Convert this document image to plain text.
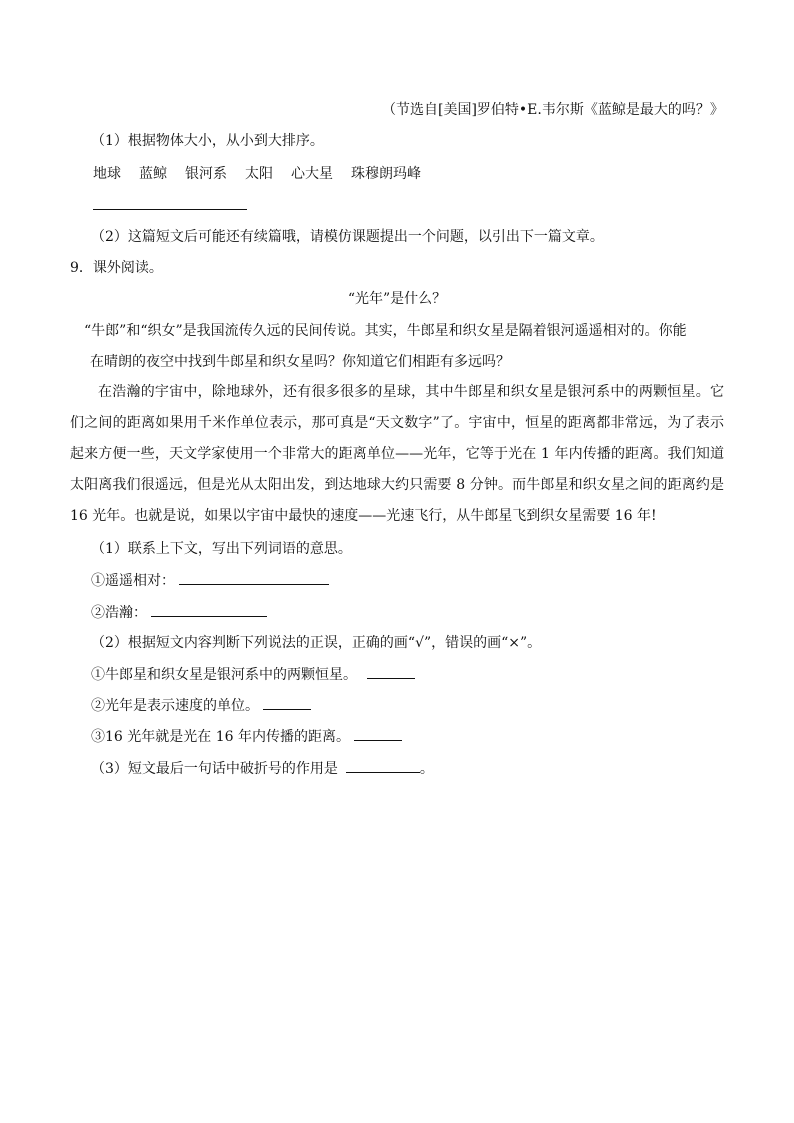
（节选自[美国]罗伯特•E.韦尔斯《蓝鲸是最大的吗？》
（1）根据物体大小，从小到大排序。
地球 蓝鲸 银河系 太阳 心大星 珠穆朗玛峰
（2）这篇短文后可能还有续篇哦，请模仿课题提出一个问题，以引出下一篇文章。
9．课外阅读。
“光年”是什么？
“牛郎”和“织女”是我国流传久远的民间传说。其实，牛郎星和织女星是隔着银河遥遥相对的。你能
在晴朗的夜空中找到牛郎星和织女星吗？你知道它们相距有多远吗？
在浩瀚的宇宙中，除地球外，还有很多很多的星球，其中牛郎星和织女星是银河系中的两颗恒星。它们之间的距离如果用千米作单位表示，那可真是“天文数字”了。宇宙中，恒星的距离都非常远，为了表示起来方便一些，天文学家使用一个非常大的距离单位——光年，它等于光在 1 年内传播的距离。我们知道太阳离我们很遥远，但是光从太阳出发，到达地球大约只需要 8 分钟。而牛郎星和织女星之间的距离约是 16 光年。也就是说，如果以宇宙中最快的速度——光速飞行，从牛郎星飞到织女星需要 16 年!
（1）联系上下文，写出下列词语的意思。
①遥遥相对：
②浩瀚：
（2）根据短文内容判断下列说法的正误，正确的画“√”，错误的画“×”。
①牛郎星和织女星是银河系中的两颗恒星。
②光年是表示速度的单位。
③16 光年就是光在 16 年内传播的距离。
（3）短文最后一句话中破折号的作用是	。
